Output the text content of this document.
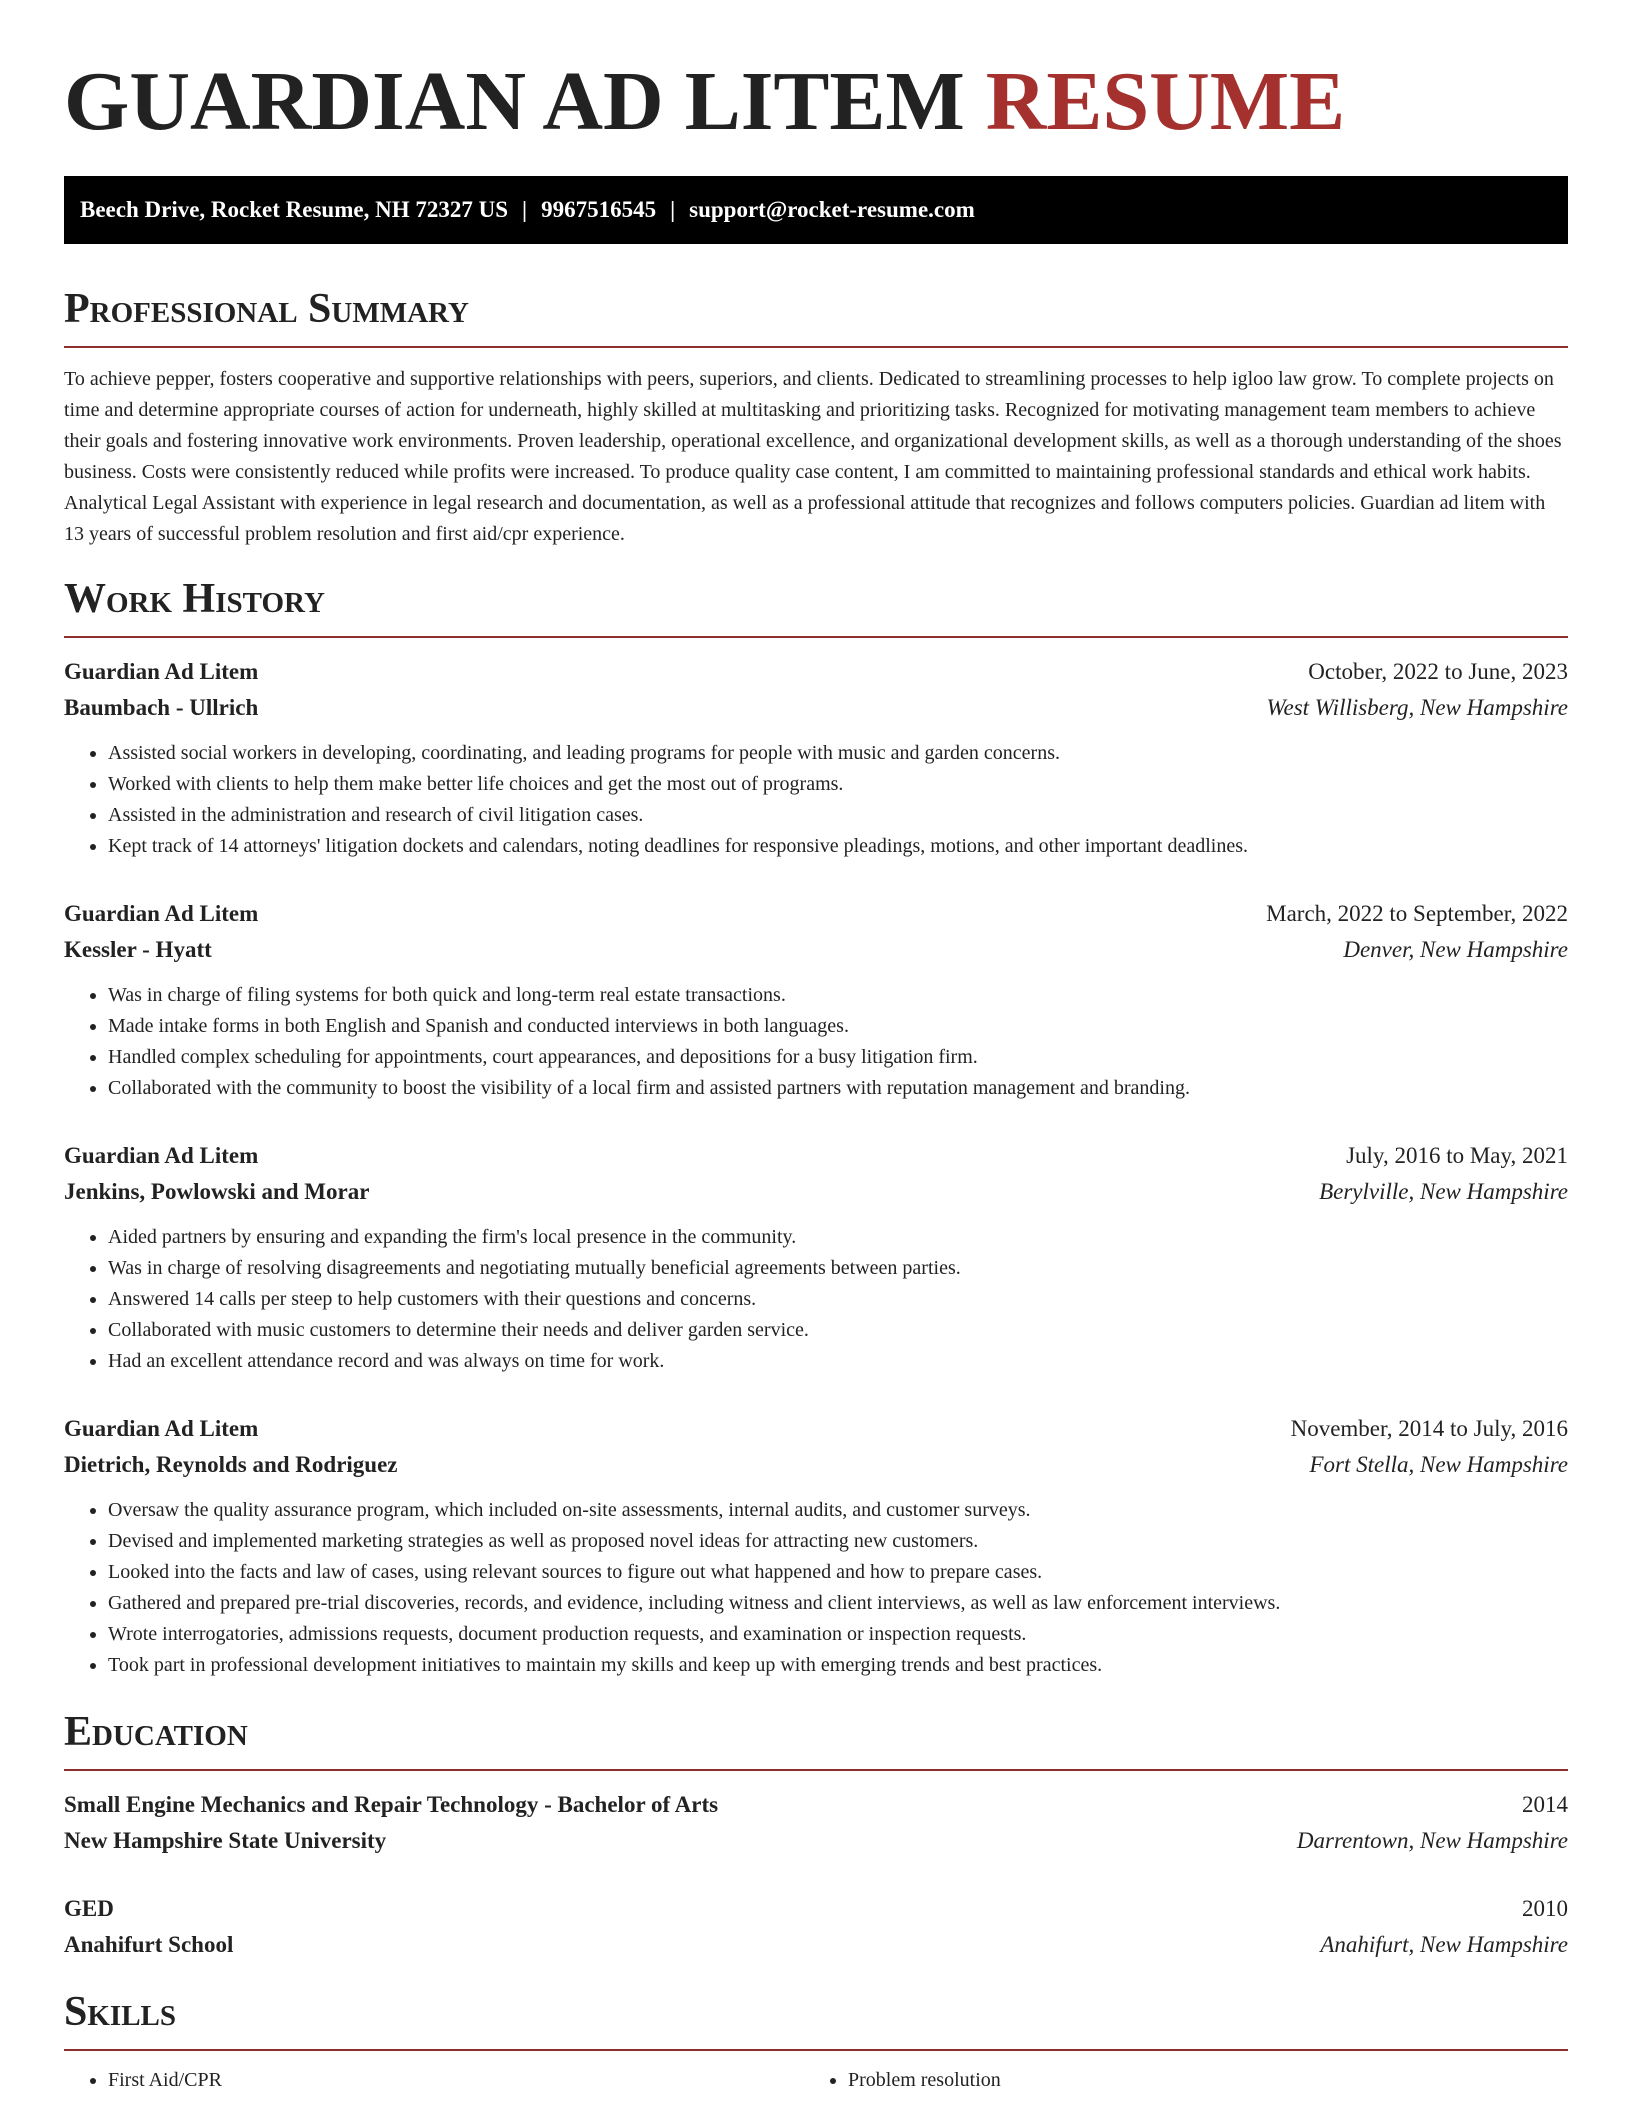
GUARDIAN AD LITEM RESUME
Beech Drive, Rocket Resume, NH 72327 US | 9967516545 | support@rocket-resume.com
Professional Summary

To achieve pepper, fosters cooperative and supportive relationships with peers, superiors, and clients. Dedicated to streamlining processes to help igloo law grow. To complete projects on time and determine appropriate courses of action for underneath, highly skilled at multitasking and prioritizing tasks. Recognized for motivating management team members to achieve their goals and fostering innovative work environments. Proven leadership, operational excellence, and organizational development skills, as well as a thorough understanding of the shoes business. Costs were consistently reduced while profits were increased. To produce quality case content, I am committed to maintaining professional standards and ethical work habits. Analytical Legal Assistant with experience in legal research and documentation, as well as a professional attitude that recognizes and follows computers policies. Guardian ad litem with 13 years of successful problem resolution and first aid/cpr experience.

Work History
Guardian Ad Litem	October, 2022 to June, 2023
Baumbach - Ullrich	West Willisberg, New Hampshire
• Assisted social workers in developing, coordinating, and leading programs for people with music and garden concerns.
• Worked with clients to help them make better life choices and get the most out of programs.
• Assisted in the administration and research of civil litigation cases.
• Kept track of 14 attorneys' litigation dockets and calendars, noting deadlines for responsive pleadings, motions, and other important deadlines.
Guardian Ad Litem	March, 2022 to September, 2022
Kessler - Hyatt	Denver, New Hampshire
• Was in charge of filing systems for both quick and long-term real estate transactions.
• Made intake forms in both English and Spanish and conducted interviews in both languages.
• Handled complex scheduling for appointments, court appearances, and depositions for a busy litigation firm.
• Collaborated with the community to boost the visibility of a local firm and assisted partners with reputation management and branding.
Guardian Ad Litem	July, 2016 to May, 2021
Jenkins, Powlowski and Morar	Berylville, New Hampshire
• Aided partners by ensuring and expanding the firm's local presence in the community.
• Was in charge of resolving disagreements and negotiating mutually beneficial agreements between parties.
• Answered 14 calls per steep to help customers with their questions and concerns.
• Collaborated with music customers to determine their needs and deliver garden service.
• Had an excellent attendance record and was always on time for work.
Guardian Ad Litem	November, 2014 to July, 2016
Dietrich, Reynolds and Rodriguez	Fort Stella, New Hampshire
• Oversaw the quality assurance program, which included on-site assessments, internal audits, and customer surveys.
• Devised and implemented marketing strategies as well as proposed novel ideas for attracting new customers.
• Looked into the facts and law of cases, using relevant sources to figure out what happened and how to prepare cases.
• Gathered and prepared pre-trial discoveries, records, and evidence, including witness and client interviews, as well as law enforcement interviews.
• Wrote interrogatories, admissions requests, document production requests, and examination or inspection requests.
• Took part in professional development initiatives to maintain my skills and keep up with emerging trends and best practices.
Education
Small Engine Mechanics and Repair Technology - Bachelor of Arts	2014
New Hampshire State University	Darrentown, New Hampshire
GED	2010
Anahifurt School	Anahifurt, New Hampshire
Skills
• First Aid/CPR
•	Problem resolution
